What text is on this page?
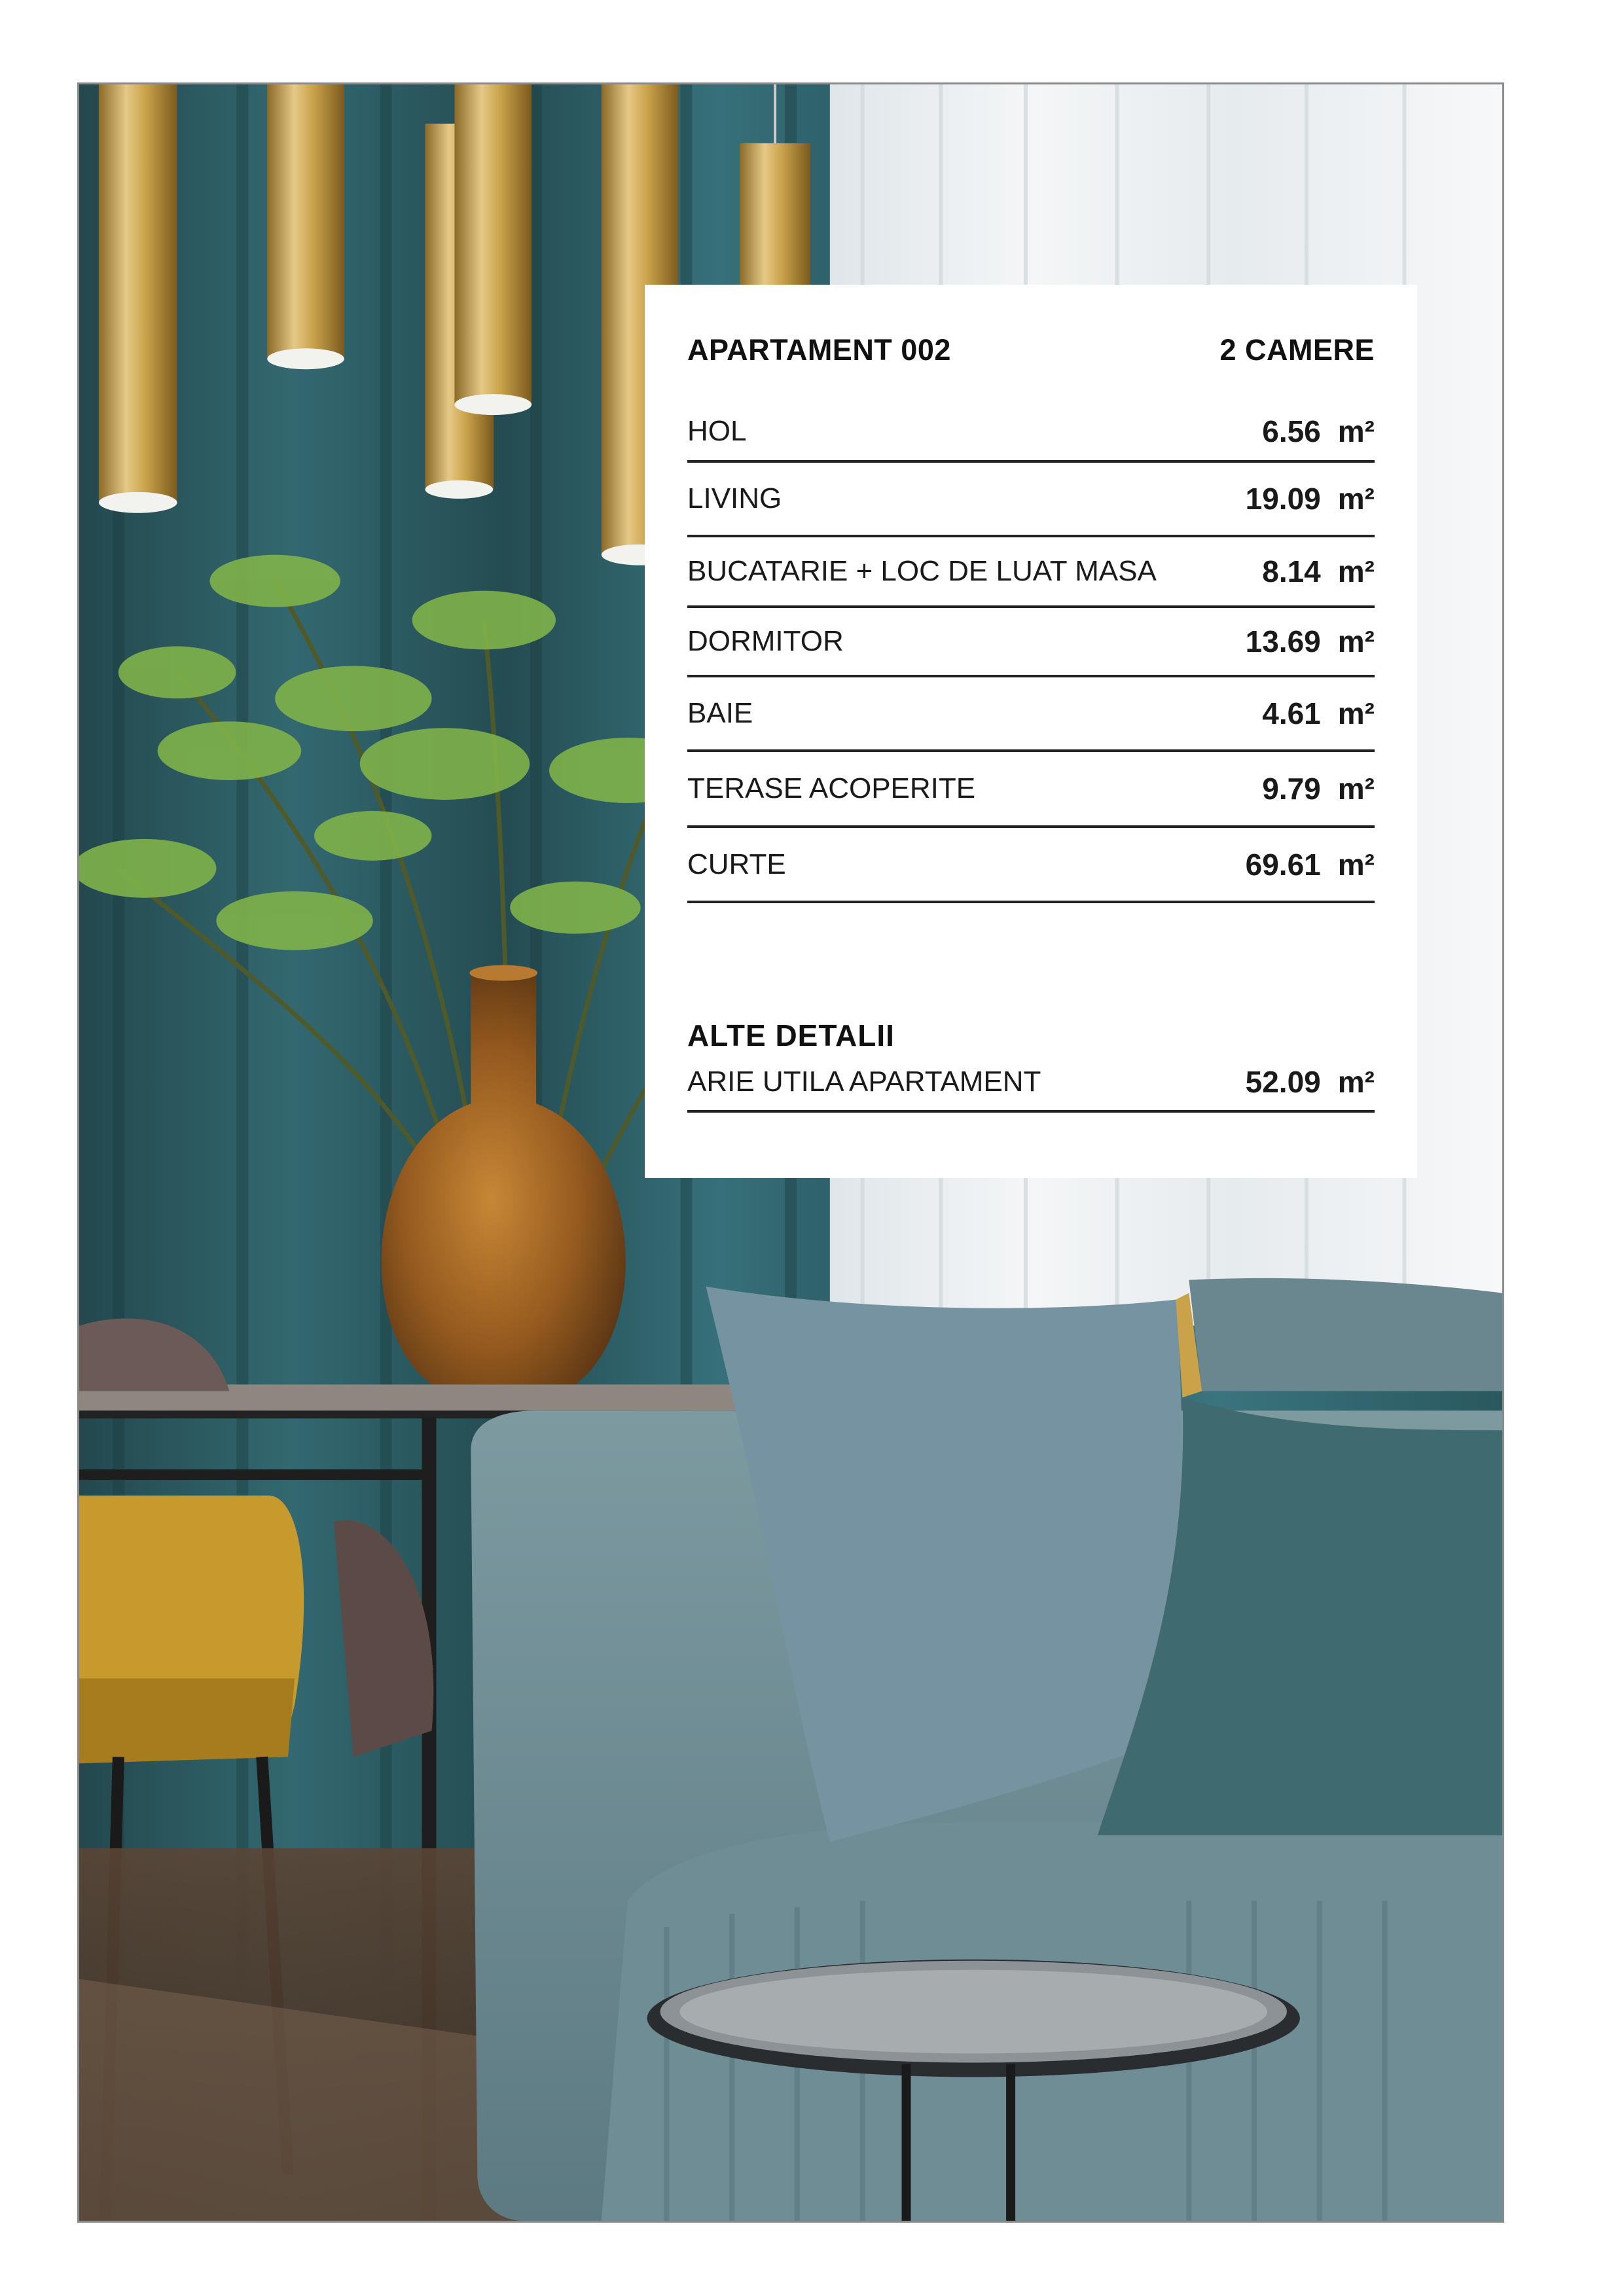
APARTAMENT 002	2 CAMERE
HOL	6.56 m²
LIVING	19.09 m²
BUCATARIE + LOC DE LUAT MASA	8.14 m²
DORMITOR	13.69 m²
BAIE	4.61 m²
TERASE ACOPERITE	9.79 m²
CURTE	69.61 m²
ALTE DETALII
ARIE UTILA APARTAMENT	52.09 m²
